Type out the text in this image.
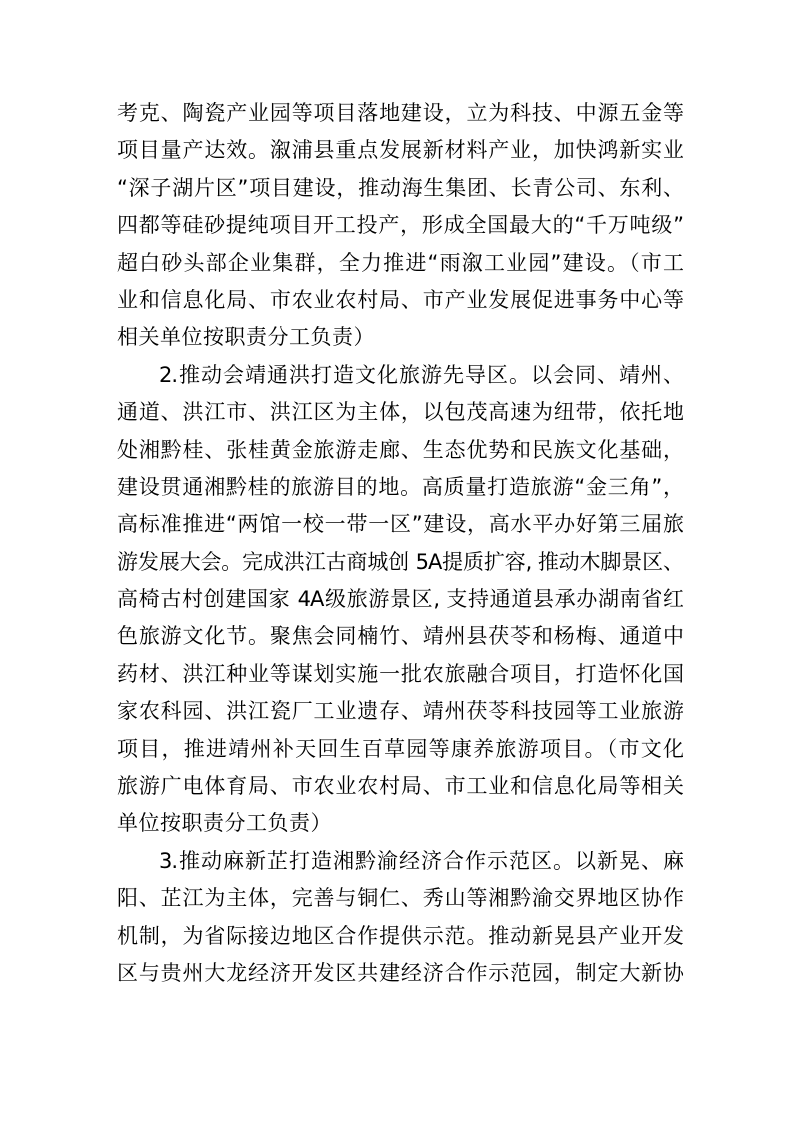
考克、陶瓷产业园等项目落地建设，立为科技、中源五金等
项目量产达效。溆浦县重点发展新材料产业，加快鸿新实业
“深子湖片区”项目建设，推动海生集团、长青公司、东利、
四都等硅砂提纯项目开工投产，形成全国最大的“千万吨级”
超白砂头部企业集群，全力推进“雨溆工业园”建设。（市工
业和信息化局、市农业农村局、市产业发展促进事务中心等
相关单位按职责分工负责）
2.推动会靖通洪打造文化旅游先导区。以会同、靖州、
通道、洪江市、洪江区为主体，以包茂高速为纽带，依托地
处湘黔桂、张桂黄金旅游走廊、生态优势和民族文化基础，
建设贯通湘黔桂的旅游目的地。高质量打造旅游“金三角”，
高标准推进“两馆一校一带一区”建设，高水平办好第三届旅
游发展大会。完成洪江古商城创 5A提质扩容, 推动木脚景区、
高椅古村创建国家 4A级旅游景区, 支持通道县承办湖南省红
色旅游文化节。聚焦会同楠竹、靖州县茯苓和杨梅、通道中
药材、洪江种业等谋划实施一批农旅融合项目，打造怀化国
家农科园、洪江瓷厂工业遗存、靖州茯苓科技园等工业旅游
项目，推进靖州补天回生百草园等康养旅游项目。（市文化
旅游广电体育局、市农业农村局、市工业和信息化局等相关
单位按职责分工负责）
3.推动麻新芷打造湘黔渝经济合作示范区。以新晃、麻
阳、芷江为主体，完善与铜仁、秀山等湘黔渝交界地区协作
机制，为省际接边地区合作提供示范。推动新晃县产业开发
区与贵州大龙经济开发区共建经济合作示范园，制定大新协
